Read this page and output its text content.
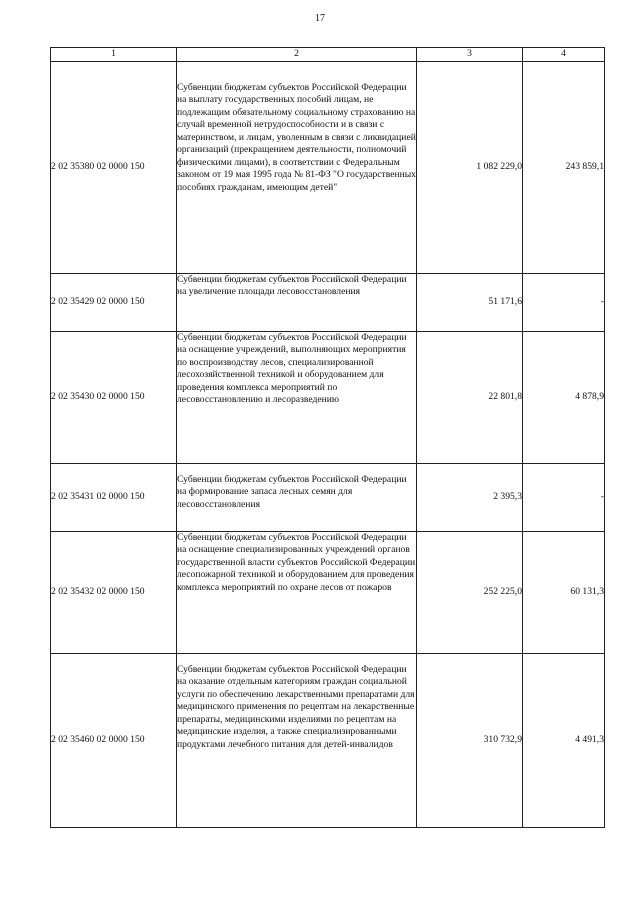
17
1	2	3	4
2 02 35380 02 0000 150	Субвенции бюджетам субъектов Российской Федерации на выплату государственных пособий лицам, не подлежащим обязательному социальному страхованию на случай временной нетрудоспособности и в связи с материнством, и лицам, уволенным в связи с ликвидацией организаций (прекращением деятельности, полномочий физическими лицами), в соответствии с Федеральным законом от 19 мая 1995 года № 81-ФЗ "О государственных пособиях гражданам, имеющим детей"	1 082 229,0	243 859,1
2 02 35429 02 0000 150	Субвенции бюджетам субъектов Российской Федерации на увеличение площади лесовосстановления	51 171,6	-
2 02 35430 02 0000 150	Субвенции бюджетам субъектов Российской Федерации на оснащение учреждений, выполняющих мероприятия по воспроизводству лесов, специализированной лесохозяйственной техникой и оборудованием для проведения комплекса мероприятий по лесовосстановлению и лесоразведению	22 801,8	4 878,9
2 02 35431 02 0000 150	Субвенции бюджетам субъектов Российской Федерации на формирование запаса лесных семян для лесовосстановления	2 395,3	-
2 02 35432 02 0000 150	Субвенции бюджетам субъектов Российской Федерации на оснащение специализированных учреждений органов государственной власти субъектов Российской Федерации лесопожарной техникой и оборудованием для проведения комплекса мероприятий по охране лесов от пожаров	252 225,0	60 131,3
2 02 35460 02 0000 150	Субвенции бюджетам субъектов Российской Федерации на оказание отдельным категориям граждан социальной услуги по обеспечению лекарственными препаратами для медицинского применения по рецептам на лекарственные препараты, медицинскими изделиями по рецептам на медицинские изделия, а также специализированными продуктами лечебного питания для детей-инвалидов	310 732,9	4 491,3
